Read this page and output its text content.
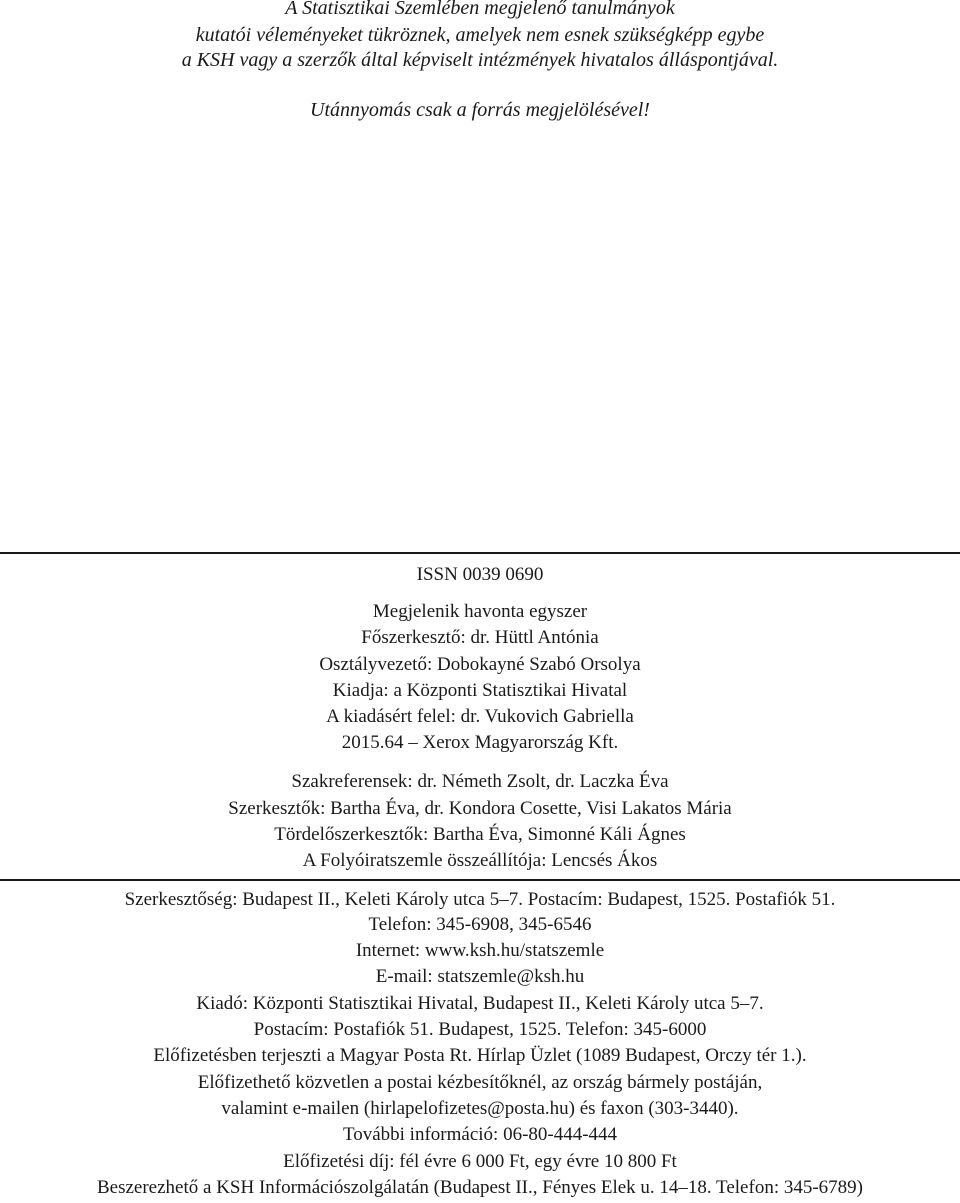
A Statisztikai Szemlében megjelenő tanulmányok
kutatói véleményeket tükröznek, amelyek nem esnek szükségképp egybe
a KSH vagy a szerzők által képviselt intézmények hivatalos álláspontjával.
Utánnyomás csak a forrás megjelölésével!
ISSN 0039 0690
Megjelenik havonta egyszer
Főszerkesztő: dr. Hüttl Antónia
Osztályvezető: Dobokayné Szabó Orsolya
Kiadja: a Központi Statisztikai Hivatal
A kiadásért felel: dr. Vukovich Gabriella
2015.64 – Xerox Magyarország Kft.
Szakreferensek: dr. Németh Zsolt, dr. Laczka Éva
Szerkesztők: Bartha Éva, dr. Kondora Cosette, Visi Lakatos Mária
Tördelőszerkesztők: Bartha Éva, Simonné Káli Ágnes
A Folyóiratszemle összeállítója: Lencsés Ákos
Szerkesztőség: Budapest II., Keleti Károly utca 5–7. Postacím: Budapest, 1525. Postafiók 51.
Telefon: 345-6908, 345-6546
Internet: www.ksh.hu/statszemle
E-mail: statszemle@ksh.hu
Kiadó: Központi Statisztikai Hivatal, Budapest II., Keleti Károly utca 5–7.
Postacím: Postafiók 51. Budapest, 1525. Telefon: 345-6000
Előfizetésben terjeszti a Magyar Posta Rt. Hírlap Üzlet (1089 Budapest, Orczy tér 1.).
Előfizethető közvetlen a postai kézbesítőknél, az ország bármely postáján,
valamint e-mailen (hirlapelofizetes@posta.hu) és faxon (303-3440).
További információ: 06-80-444-444
Előfizetési díj: fél évre 6 000 Ft, egy évre 10 800 Ft
Beszerezhető a KSH Információszolgálatán (Budapest II., Fényes Elek u. 14–18. Telefon: 345-6789)
